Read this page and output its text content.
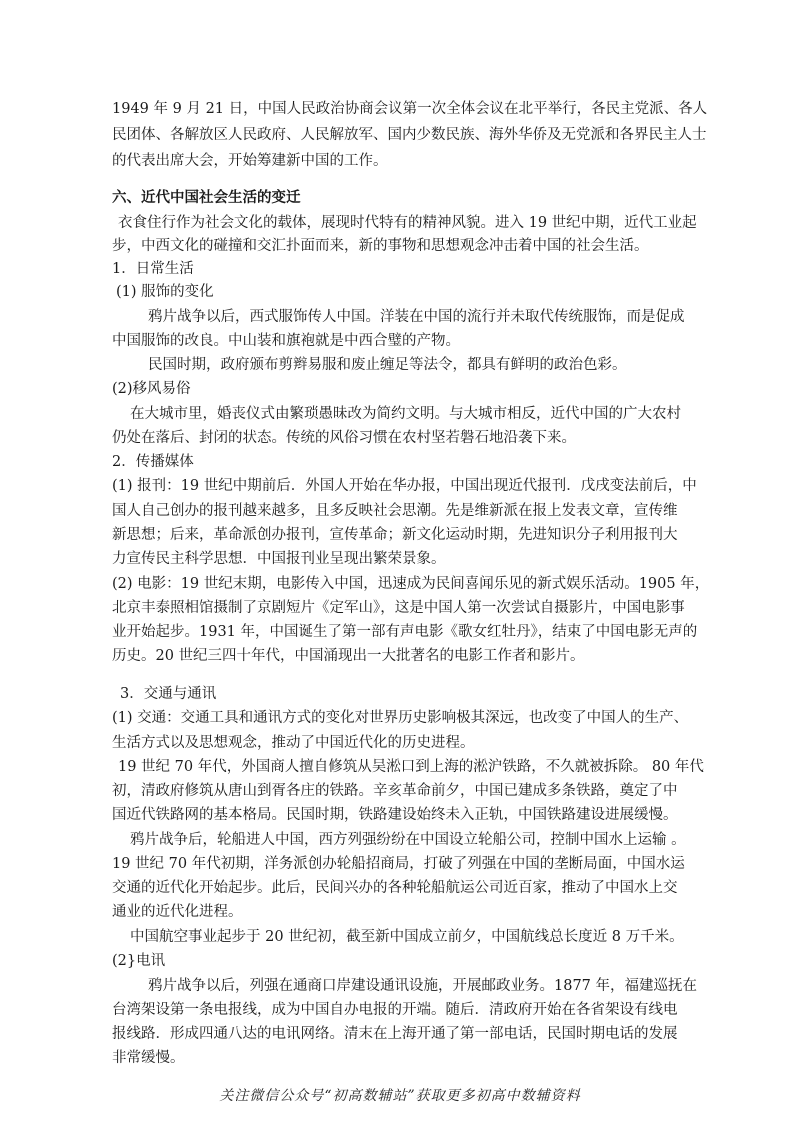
1949 年 9 月 21 日，中国人民政治协商会议第一次全体会议在北平举行，各民主党派、各人
民团体、各解放区人民政府、人民解放军、国内少数民族、海外华侨及无党派和各界民主人士
的代表出席大会，开始筹建新中国的工作。
六、近代中国社会生活的变迁
衣食住行作为社会文化的载体，展现时代特有的精神风貌。进入 19 世纪中期，近代工业起
步，中西文化的碰撞和交汇扑面而来，新的事物和思想观念冲击着中国的社会生活。
1．日常生活
(1) 服饰的变化
鸦片战争以后，西式服饰传人中国。洋装在中国的流行并未取代传统服饰，而是促成
中国服饰的改良。中山装和旗袍就是中西合璧的产物。
民国时期，政府颁布剪辫易服和废止缠足等法令，都具有鲜明的政治色彩。
(2)移风易俗
在大城市里，婚丧仪式由繁琐愚昧改为简约文明。与大城市相反，近代中国的广大农村
仍处在落后、封闭的状态。传统的风俗习惯在农村坚若磐石地沿袭下来。
2．传播媒体
(1) 报刊：19 世纪中期前后．外国人开始在华办报，中国出现近代报刊．戊戌变法前后，中
国人自己创办的报刊越来越多，且多反映社会思潮。先是维新派在报上发表文章，宣传维
新思想；后来，革命派创办报刊，宣传革命；新文化运动时期，先进知识分子利用报刊大
力宣传民主科学思想．中国报刊业呈现出繁荣景象。
(2) 电影：19 世纪末期，电影传入中国，迅速成为民间喜闻乐见的新式娱乐活动。1905 年，
北京丰泰照相馆摄制了京剧短片《定军山》，这是中国人第一次尝试自摄影片，中国电影事
业开始起步。1931 年，中国诞生了第一部有声电影《歌女红牡丹》，结束了中国电影无声的
历史。20 世纪三四十年代，中国涌现出一大批著名的电影工作者和影片。
3．交通与通讯
(1) 交通：交通工具和通讯方式的变化对世界历史影响极其深远，也改变了中国人的生产、
生活方式以及思想观念，推动了中国近代化的历史进程。
19 世纪 70 年代，外国商人擅自修筑从吴淞口到上海的淞沪铁路，不久就被拆除。 80 年代
初，清政府修筑从唐山到胥各庄的铁路。辛亥革命前夕，中国已建成多条铁路，奠定了中
国近代铁路网的基本格局。民国时期，铁路建设始终未入正轨，中国铁路建设进展缓慢。
鸦片战争后，轮船进人中国，西方列强纷纷在中国设立轮船公司，控制中国水上运输 。
19 世纪 70 年代初期，洋务派创办轮船招商局，打破了列强在中国的垄断局面，中国水运
交通的近代化开始起步。此后，民间兴办的各种轮船航运公司近百家，推动了中国水上交
通业的近代化进程。
中国航空事业起步于 20 世纪初，截至新中国成立前夕，中国航线总长度近 8 万千米。
(2}电讯
鸦片战争以后，列强在通商口岸建设通讯设施，开展邮政业务。1877 年，福建巡抚在
台湾架设第一条电报线，成为中国自办电报的开端。随后．清政府开始在各省架设有线电
报线路．形成四通八达的电讯网络。清末在上海开通了第一部电话，民国时期电话的发展
非常缓慢。
关注微信公众号“初高数辅站”获取更多初高中数辅资料
